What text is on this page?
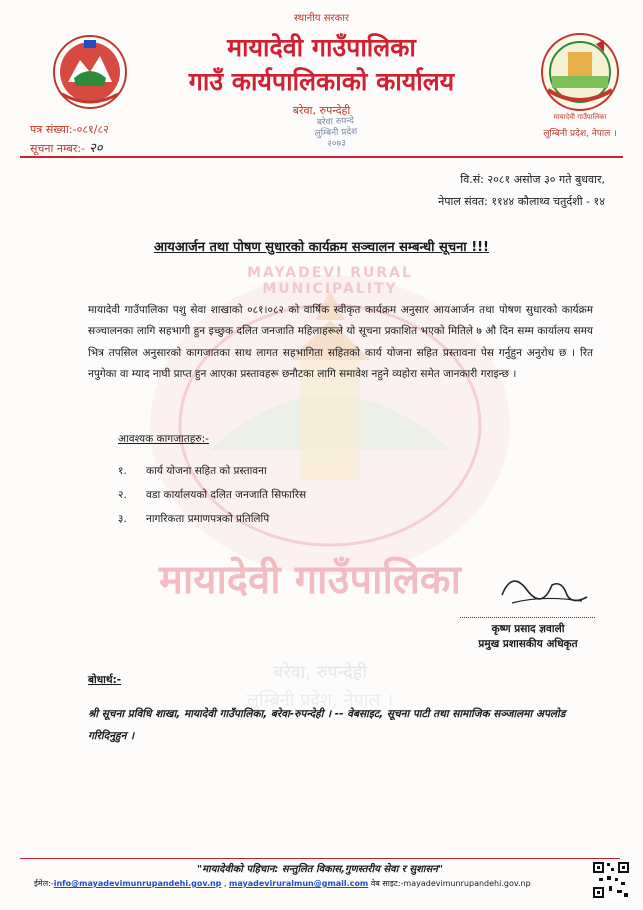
MAYADEVI RURAL MUNICIPALITY
मायादेवी गाउँपालिका
बरेवा, रुपन्देही
लुम्बिनी प्रदेश, नेपाल ।
स्थानीय सरकार
मायादेवी गाउँपालिका
गाउँ कार्यपालिकाको कार्यालय
बरेवा, रुपन्देही	मायादेवी गाउँपालिका
बरेवा रुपन्दे
लुम्बिनी प्रदेश
२०७३
पत्र संख्या:-०८१/८२
सूचना नम्बर:- २०
लुम्बिनी प्रदेश, नेपाल ।
वि.सं: २०८१ असोज ३० गते बुधवार,
नेपाल संवत: ११४४ कौलाथ्व चतुर्दशी - १४
आयआर्जन तथा पोषण सुधारको कार्यक्रम सञ्चालन सम्बन्धी सूचना !!!
मायादेवी गाउँपालिका पशु सेवा शाखाको ०८१।०८२ को वार्षिक स्वीकृत कार्यक्रम अनुसार आयआर्जन तथा पोषण सुधारको कार्यक्रम सञ्चालनका लागि सहभागी हुन इच्छुक दलित जनजाति महिलाहरूले यो सूचना प्रकाशित भएको मितिले ७ औ दिन सम्म कार्यालय समय भित्र तपसिल अनुसारको कागजातका साथ लागत सहभागिता सहितको कार्य योजना सहित प्रस्तावना पेस गर्नुहुन अनुरोध छ । रित नपुगेका वा म्याद नाघी प्राप्त हुन आएका प्रस्तावहरू छनौटका लागि समावेश नहुने व्यहोरा समेत जानकारी गराइन्छ ।
आवश्यक कागजातहरु:-
१. कार्य योजना सहित को प्रस्तावना
२. वडा कार्यालयको दलित जनजाति सिफारिस
३. नागरिकता प्रमाणपत्रको प्रतिलिपि
कृष्ण प्रसाद ज्ञवाली
प्रमुख प्रशासकीय अधिकृत
बोधार्थ:-
श्री सूचना प्रविधि शाखा, मायादेवी गाउँपालिका, बरेवा-रुपन्देही । -- वेबसाइट, सूचना पाटी तथा सामाजिक सञ्जालमा अपलोड गरिदिनुहुन ।
"मायादेवीको पहिचान: सन्तुलित विकास,गुणस्तरीय सेवा र सुशासन"
ईमेल:-info@mayadevimunrupandehi.gov.np , mayadeviruralmun@gmail.com वेब साइट:-mayadevimunrupandehi.gov.np
